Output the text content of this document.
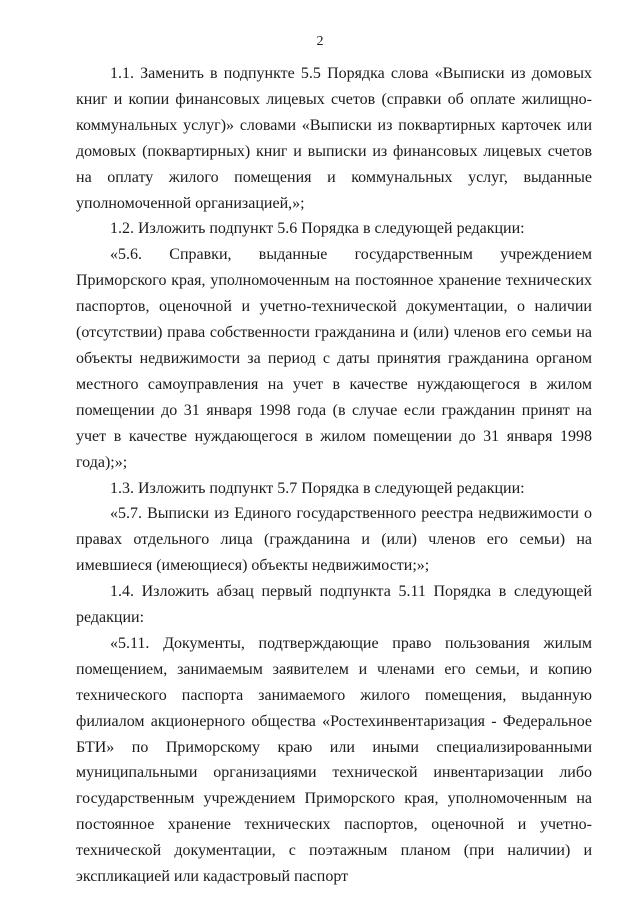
2

1.1. Заменить в подпункте 5.5 Порядка слова «Выписки из домовых книг и копии финансовых лицевых счетов (справки об оплате жилищно-коммунальных услуг)» словами «Выписки из поквартирных карточек или домовых (поквартирных) книг и выписки из финансовых лицевых счетов на оплату жилого помещения и коммунальных услуг, выданные уполномоченной организацией,»;

1.2. Изложить подпункт 5.6 Порядка в следующей редакции:

«5.6. Справки, выданные государственным учреждением Приморского края, уполномоченным на постоянное хранение технических паспортов, оценочной и учетно-технической документации, о наличии (отсутствии) права собственности гражданина и (или) членов его семьи на объекты недвижимости за период с даты принятия гражданина органом местного самоуправления на учет в качестве нуждающегося в жилом помещении до 31 января 1998 года (в случае если гражданин принят на учет в качестве нуждающегося в жилом помещении до 31 января 1998 года);»;

1.3. Изложить подпункт 5.7 Порядка в следующей редакции:

«5.7. Выписки из Единого государственного реестра недвижимости о правах отдельного лица (гражданина и (или) членов его семьи) на имевшиеся (имеющиеся) объекты недвижимости;»;

1.4. Изложить абзац первый подпункта 5.11 Порядка в следующей редакции:

«5.11. Документы, подтверждающие право пользования жилым помещением, занимаемым заявителем и членами его семьи, и копию технического паспорта занимаемого жилого помещения, выданную филиалом акционерного общества «Ростехинвентаризация - Федеральное БТИ» по Приморскому краю или иными специализированными муниципальными организациями технической инвентаризации либо государственным учреждением Приморского края, уполномоченным на постоянное хранение технических паспортов, оценочной и учетно-технической документации, с поэтажным планом (при наличии) и экспликацией или кадастровый паспорт
